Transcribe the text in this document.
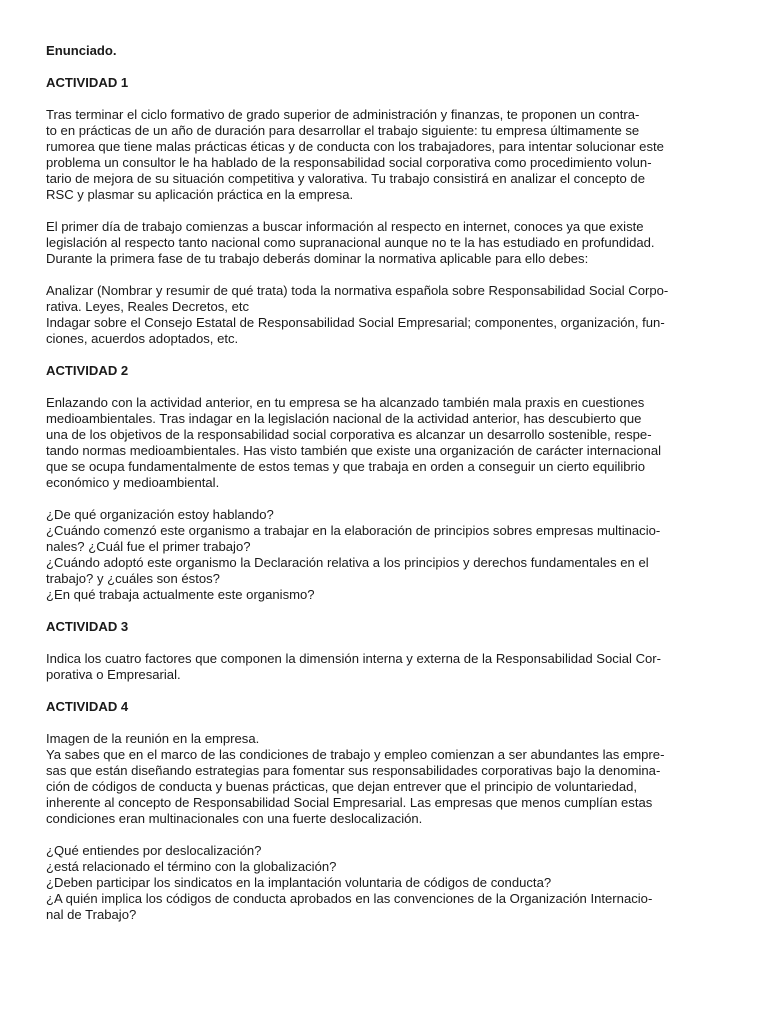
Enunciado.

ACTIVIDAD 1

Tras terminar el ciclo formativo de grado superior de administración y finanzas, te proponen un contra-
to en prácticas de un año de duración para desarrollar el trabajo siguiente: tu empresa últimamente se
rumorea que tiene malas prácticas éticas y de conducta con los trabajadores, para intentar solucionar este
problema un consultor le ha hablado de la responsabilidad social corporativa como procedimiento volun-
tario de mejora de su situación competitiva y valorativa. Tu trabajo consistirá en analizar el concepto de
RSC y plasmar su aplicación práctica en la empresa.
El primer día de trabajo comienzas a buscar información al respecto en internet, conoces ya que existe
legislación al respecto tanto nacional como supranacional aunque no te la has estudiado en profundidad.
Durante la primera fase de tu trabajo deberás dominar la normativa aplicable para ello debes:
Analizar (Nombrar y resumir de qué trata) toda la normativa española sobre Responsabilidad Social Corpo-
rativa. Leyes, Reales Decretos, etc
Indagar sobre el Consejo Estatal de Responsabilidad Social Empresarial; componentes, organización, fun-
ciones, acuerdos adoptados, etc.

ACTIVIDAD 2

Enlazando con la actividad anterior, en tu empresa se ha alcanzado también mala praxis en cuestiones
medioambientales. Tras indagar en la legislación nacional de la actividad anterior, has descubierto que
una de los objetivos de la responsabilidad social corporativa es alcanzar un desarrollo sostenible, respe-
tando normas medioambientales. Has visto también que existe una organización de carácter internacional
que se ocupa fundamentalmente de estos temas y que trabaja en orden a conseguir un cierto equilibrio
económico y medioambiental.
¿De qué organización estoy hablando?
¿Cuándo comenzó este organismo a trabajar en la elaboración de principios sobres empresas multinacio-
nales? ¿Cuál fue el primer trabajo?
¿Cuándo adoptó este organismo la Declaración relativa a los principios y derechos fundamentales en el
trabajo? y ¿cuáles son éstos?
¿En qué trabaja actualmente este organismo?

ACTIVIDAD 3

Indica los cuatro factores que componen la dimensión interna y externa de la Responsabilidad Social Cor-
porativa o Empresarial.

ACTIVIDAD 4

Imagen de la reunión en la empresa.
Ya sabes que en el marco de las condiciones de trabajo y empleo comienzan a ser abundantes las empre-
sas que están diseñando estrategias para fomentar sus responsabilidades corporativas bajo la denomina-
ción de códigos de conducta y buenas prácticas, que dejan entrever que el principio de voluntariedad,
inherente al concepto de Responsabilidad Social Empresarial. Las empresas que menos cumplían estas
condiciones eran multinacionales con una fuerte deslocalización.
¿Qué entiendes por deslocalización?
¿está relacionado el término con la globalización?
¿Deben participar los sindicatos en la implantación voluntaria de códigos de conducta?
¿A quién implica los códigos de conducta aprobados en las convenciones de la Organización Internacio-
nal de Trabajo?
